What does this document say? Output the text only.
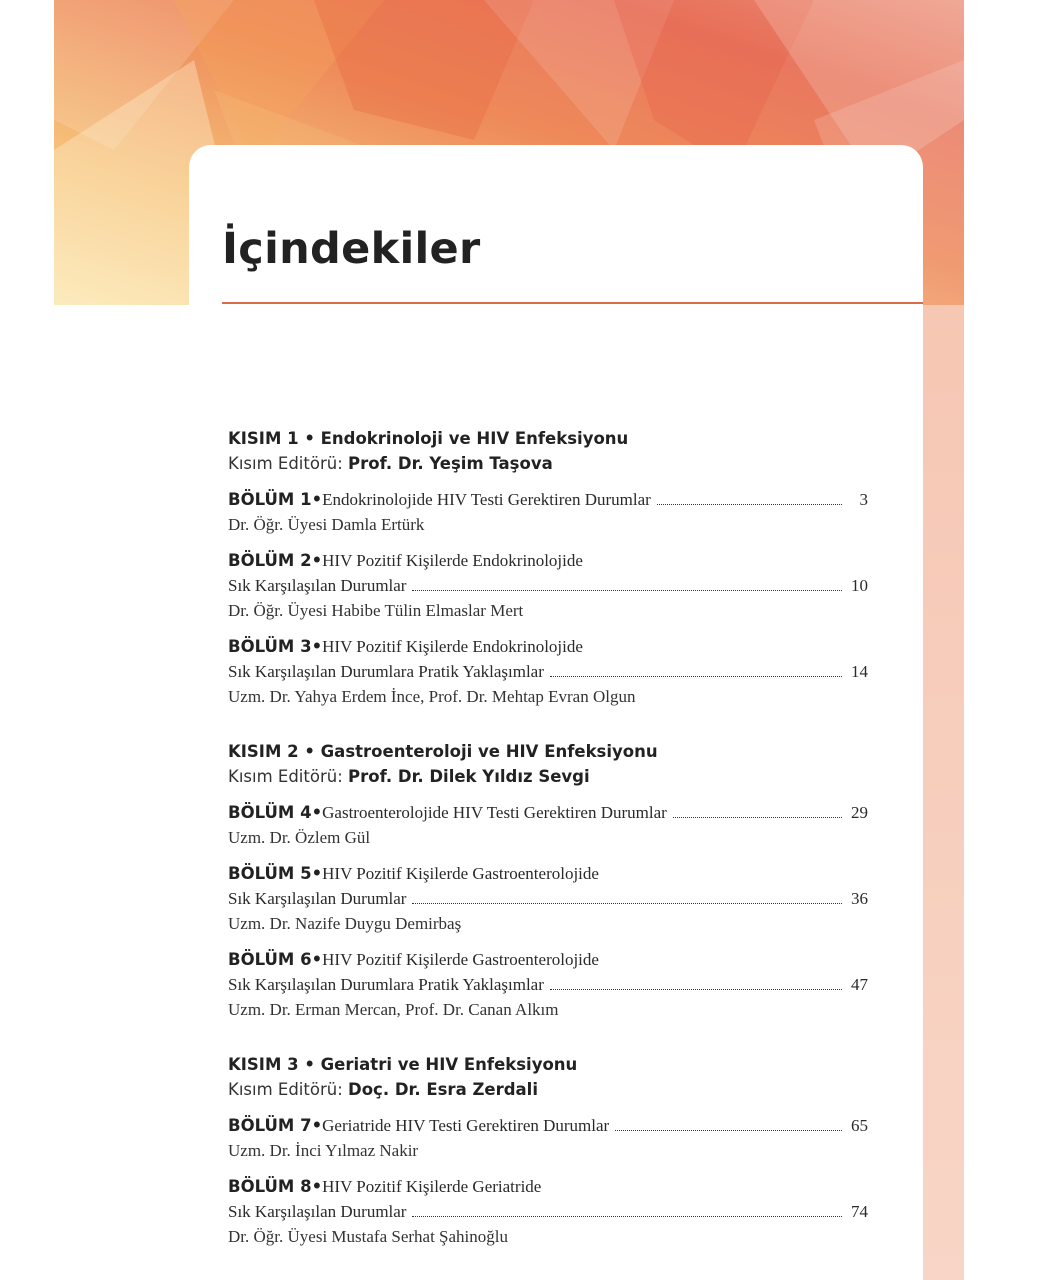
İçindekiler
KISIM 1 • Endokrinoloji ve HIV Enfeksiyonu
Kısım Editörü: Prof. Dr. Yeşim Taşova
BÖLÜM 1 • Endokrinolojide HIV Testi Gerektiren Durumlar	3
Dr. Öğr. Üyesi Damla Ertürk
BÖLÜM 2 • HIV Pozitif Kişilerde Endokrinolojide
Sık Karşılaşılan Durumlar	10
Dr. Öğr. Üyesi Habibe Tülin Elmaslar Mert
BÖLÜM 3 • HIV Pozitif Kişilerde Endokrinolojide
Sık Karşılaşılan Durumlara Pratik Yaklaşımlar	14
Uzm. Dr. Yahya Erdem İnce, Prof. Dr. Mehtap Evran Olgun
KISIM 2 • Gastroenteroloji ve HIV Enfeksiyonu
Kısım Editörü: Prof. Dr. Dilek Yıldız Sevgi
BÖLÜM 4 • Gastroenterolojide HIV Testi Gerektiren Durumlar	29
Uzm. Dr. Özlem Gül
BÖLÜM 5 • HIV Pozitif Kişilerde Gastroenterolojide
Sık Karşılaşılan Durumlar	36
Uzm. Dr. Nazife Duygu Demirbaş
BÖLÜM 6 • HIV Pozitif Kişilerde Gastroenterolojide
Sık Karşılaşılan Durumlara Pratik Yaklaşımlar	47
Uzm. Dr. Erman Mercan, Prof. Dr. Canan Alkım
KISIM 3 • Geriatri ve HIV Enfeksiyonu
Kısım Editörü: Doç. Dr. Esra Zerdali
BÖLÜM 7 • Geriatride HIV Testi Gerektiren Durumlar	65
Uzm. Dr. İnci Yılmaz Nakir
BÖLÜM 8 • HIV Pozitif Kişilerde Geriatride
Sık Karşılaşılan Durumlar	74
Dr. Öğr. Üyesi Mustafa Serhat Şahinoğlu
